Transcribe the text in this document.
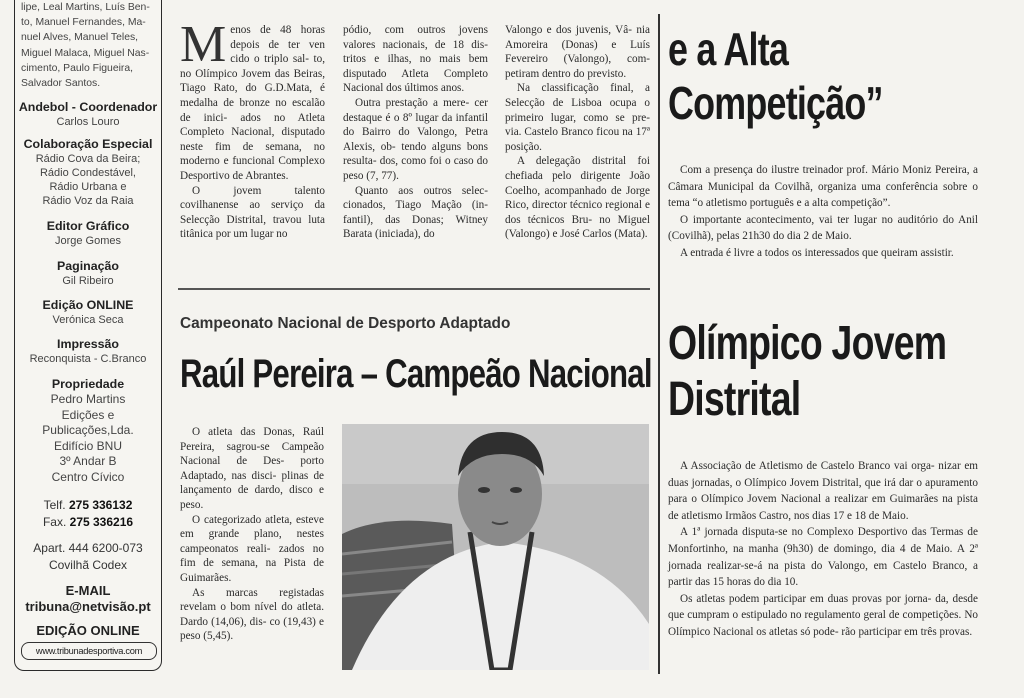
lipe, Leal Martins, Luís Ben-
to, Manuel Fernandes, Ma-
nuel Alves, Manuel Teles,
Miguel Malaca, Miguel Nas-
cimento, Paulo Figueira,
Salvador Santos.
Andebol - Coordenador
Carlos Louro
Colaboração Especial
Rádio Cova da Beira;
Rádio Condestável,
Rádio Urbana e
Rádio Voz da Raia
Editor Gráfico
Jorge Gomes
Paginação
Gil Ribeiro
Edição ONLINE
Verónica Seca
Impressão
Reconquista - C.Branco
Propriedade
Pedro Martins
Edições e
Publicações,Lda.
Edifício BNU
3º Andar B
Centro Cívico
Telf. 275 336132
Fax. 275 336216
Apart. 444 6200-073
Covilhã Codex
E-MAIL
tribuna@netvisão.pt
EDIÇÃO ONLINE
www.tribunadesportiva.com
M enos de 48 horas depois de ter ven cido o triplo sal- to, no Olímpico Jovem das Beiras, Tiago Rato, do G.D.Mata, é medalha de bronze no escalão de inici- ados no Atleta Completo Nacional, disputado neste fim de semana, no moderno e funcional Complexo Desportivo de Abrantes.

O jovem talento covilhanense ao serviço da Selecção Distrital, travou luta titânica por um lugar no

pódio, com outros jovens valores nacionais, de 18 dis- tritos e ilhas, no mais bem disputado Atleta Completo Nacional dos últimos anos.

Outra prestação a mere- cer destaque é o 8º lugar da infantil do Bairro do Valongo, Petra Alexis, ob- tendo alguns bons resulta- dos, como foi o caso do peso (7, 77).

Quanto aos outros selec- cionados, Tiago Mação (in- fantil), das Donas; Witney Barata (iniciada), do

Valongo e dos juvenis, Vâ- nia Amoreira (Donas) e Luís Fevereiro (Valongo), com- petiram dentro do previsto.

Na classificação final, a Selecção de Lisboa ocupa o primeiro lugar, como se pre- via. Castelo Branco ficou na 17ª posição.

A delegação distrital foi chefiada pelo dirigente João Coelho, acompanhado de Jorge Rico, director técnico regional e dos técnicos Bru- no Miguel (Valongo) e José Carlos (Mata).

Campeonato Nacional de Desporto Adaptado
Raúl Pereira – Campeão Nacional

O atleta das Donas, Raúl Pereira, sagrou-se Campeão Nacional de Des- porto Adaptado, nas disci- plinas de lançamento de dardo, disco e peso.

O categorizado atleta, esteve em grande plano, nestes campeonatos reali- zados no fim de semana, na Pista de Guimarães.

As marcas registadas revelam o bom nível do atleta. Dardo (14,06), dis- co (19,43) e peso (5,45).

e a Alta
Competição”

Com a presença do ilustre treinador prof. Mário Moniz Pereira, a Câmara Municipal da Covilhã, organiza uma conferência sobre o tema “o atletismo português e a alta competição”.

O importante acontecimento, vai ter lugar no auditório do Anil (Covilhã), pelas 21h30 do dia 2 de Maio.

A entrada é livre a todos os interessados que queiram assistir.

Olímpico Jovem
Distrital

A Associação de Atletismo de Castelo Branco vai orga- nizar em duas jornadas, o Olímpico Jovem Distrital, que irá dar o apuramento para o Olímpico Jovem Nacional a realizar em Guimarães na pista de atletismo Irmãos Castro, nos dias 17 e 18 de Maio.

A 1ª jornada disputa-se no Complexo Desportivo das Termas de Monfortinho, na manha (9h30) de domingo, dia 4 de Maio. A 2ª jornada realizar-se-á na pista do Valongo, em Castelo Branco, a partir das 15 horas do dia 10.

Os atletas podem participar em duas provas por jorna- da, desde que cumpram o estipulado no regulamento geral de competições. No Olímpico Nacional os atletas só pode- rão participar em três provas.
